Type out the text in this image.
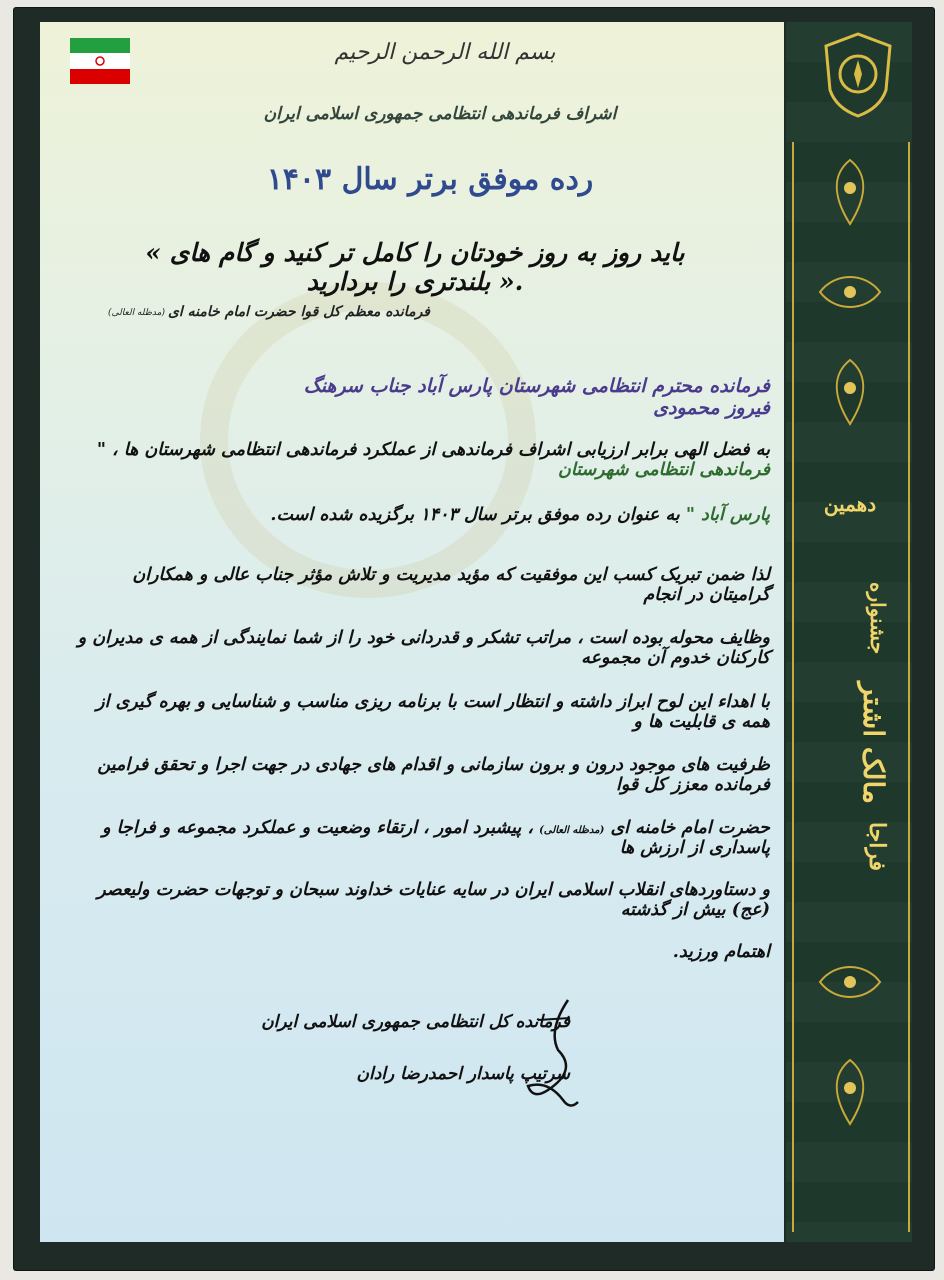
دهمین
جشنواره
مالک اشتر
فراجا
بسم الله الرحمن الرحیم
اشراف فرماندهی انتظامی جمهوری اسلامی ایران
رده موفق برتر سال ۱۴۰۳
« باید روز به روز خودتان را کامل تر کنید و گام های بلندتری را بردارید ».
فرمانده معظم کل قوا حضرت امام خامنه ای
(مدظله العالی)
فرمانده محترم انتظامی شهرستان پارس آباد جناب سرهنگ فیروز محمودی
به فضل الهی برابر ارزیابی اشراف فرماندهی از عملکرد فرماندهی انتظامی شهرستان ها ، " فرماندهی انتظامی شهرستان
پارس آباد " به عنوان رده موفق برتر سال ۱۴۰۳ برگزیده شده است.
لذا ضمن تبریک کسب این موفقیت که مؤید مدیریت و تلاش مؤثر جناب عالی و همکاران گرامیتان در انجام
وظایف محوله بوده است ، مراتب تشکر و قدردانی خود را از شما نمایندگی از همه ی مدیران و کارکنان خدوم آن مجموعه
با اهداء این لوح ابراز داشته و انتظار است با برنامه ریزی مناسب و شناسایی و بهره گیری از همه ی قابلیت ها و
ظرفیت های موجود درون و برون سازمانی و اقدام های جهادی در جهت اجرا و تحقق فرامین فرمانده معزز کل قوا
حضرت امام خامنه ای (مدظله العالی) ، پیشبرد امور ، ارتقاء وضعیت و عملکرد مجموعه و فراجا و پاسداری از ارزش ها
و دستاوردهای انقلاب اسلامی ایران در سایه عنایات خداوند سبحان و توجهات حضرت ولیعصر (عج) بیش از گذشته
اهتمام ورزید.
فرمانده کل انتظامی جمهوری اسلامی ایران
سرتیپ پاسدار احمدرضا رادان
